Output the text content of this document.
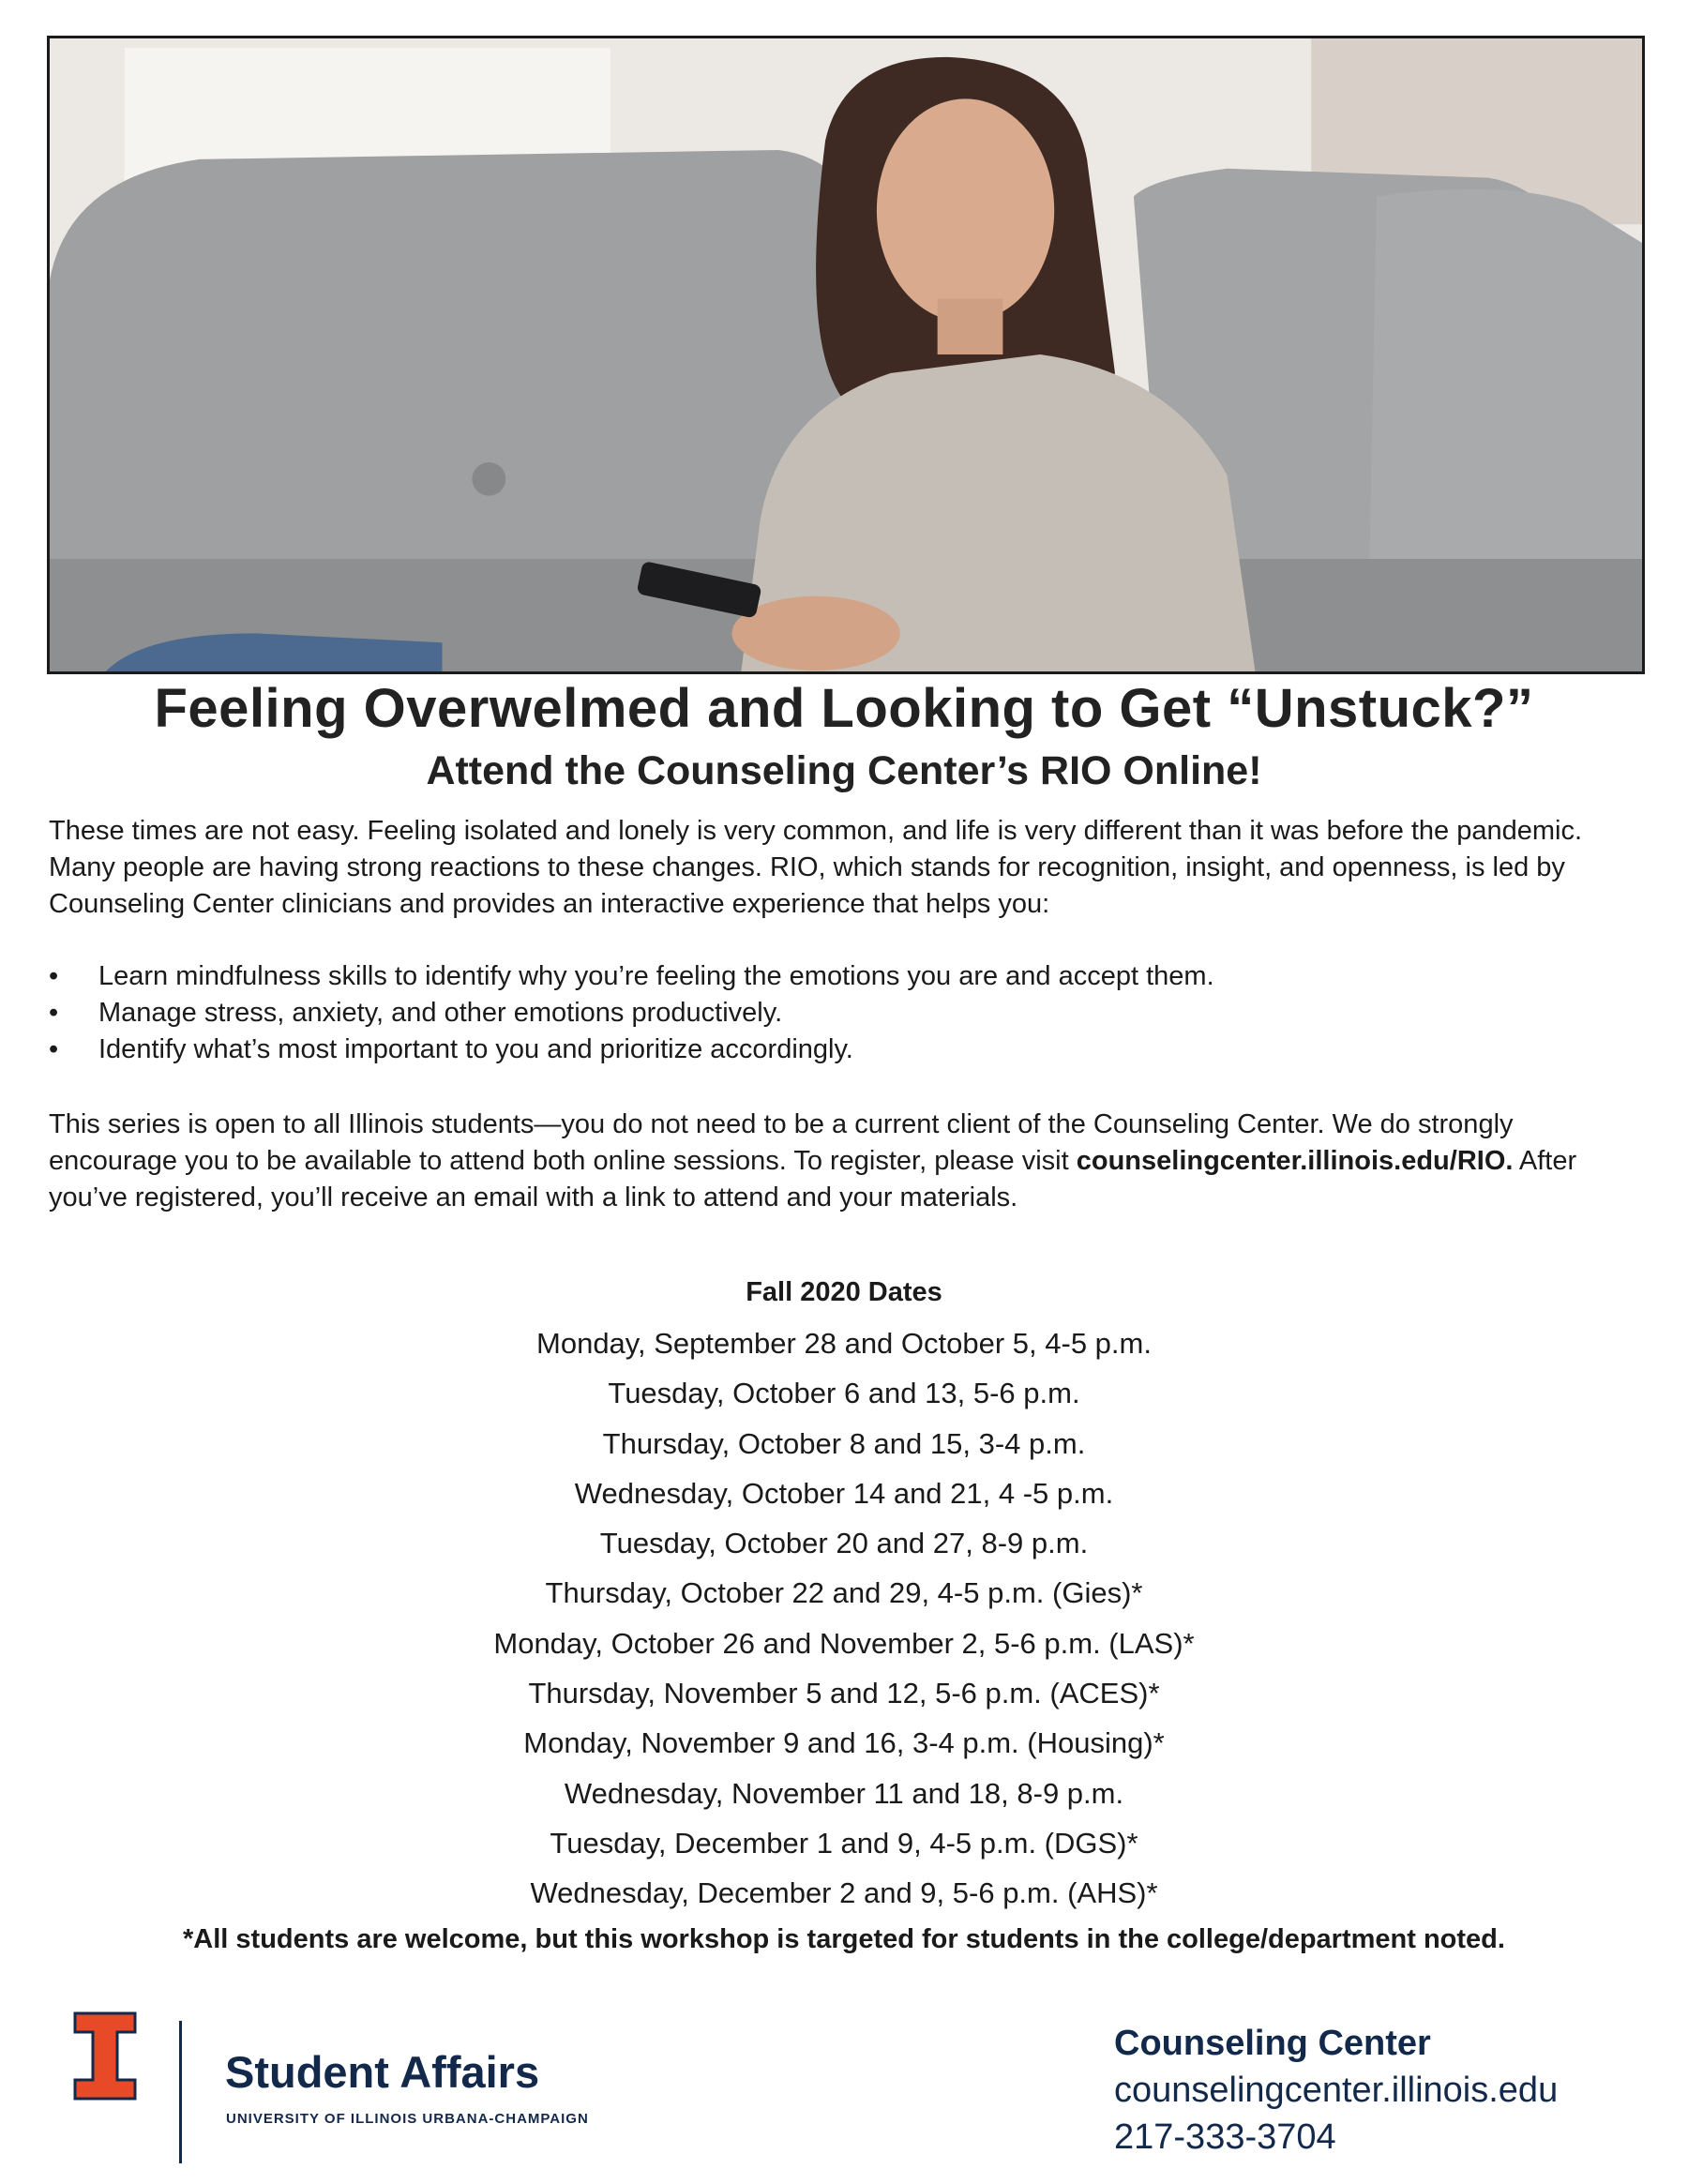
Feeling Overwelmed and Looking to Get “Unstuck?”
Attend the Counseling Center’s RIO Online!

These times are not easy. Feeling isolated and lonely is very common, and life is very different than it was before the pandemic. Many people are having strong reactions to these changes. RIO, which stands for recognition, insight, and openness, is led by Counseling Center clinicians and provides an interactive experience that helps you:

• Learn mindfulness skills to identify why you’re feeling the emotions you are and accept them.
• Manage stress, anxiety, and other emotions productively.
• Identify what’s most important to you and prioritize accordingly.

This series is open to all Illinois students—you do not need to be a current client of the Counseling Center. We do strongly encourage you to be available to attend both online sessions. To register, please visit counselingcenter.illinois.edu/RIO. After you’ve registered, you’ll receive an email with a link to attend and your materials.

Fall 2020 Dates
Monday, September 28 and October 5, 4-5 p.m.
Tuesday, October 6 and 13, 5-6 p.m.
Thursday, October 8 and 15, 3-4 p.m.
Wednesday, October 14 and 21, 4 -5 p.m.
Tuesday, October 20 and 27, 8-9 p.m.
Thursday, October 22 and 29, 4-5 p.m. (Gies)*
Monday, October 26 and November 2, 5-6 p.m. (LAS)*
Thursday, November 5 and 12, 5-6 p.m. (ACES)*
Monday, November 9 and 16, 3-4 p.m. (Housing)*
Wednesday, November 11 and 18, 8-9 p.m.
Tuesday, December 1 and 9, 4-5 p.m. (DGS)*
Wednesday, December 2 and 9, 5-6 p.m. (AHS)*
*All students are welcome, but this workshop is targeted for students in the college/department noted.
Student Affairs
UNIVERSITY OF ILLINOIS URBANA-CHAMPAIGN
Counseling Center
counselingcenter.illinois.edu
217-333-3704
